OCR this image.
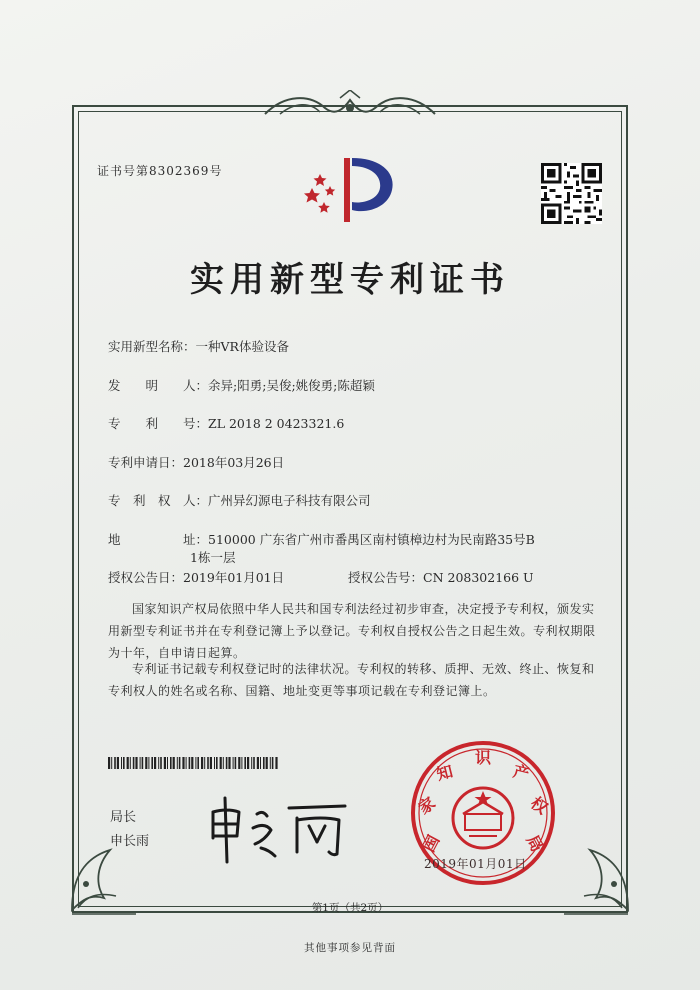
证书号第8302369号
实用新型专利证书
实用新型名称：一种VR体验设备
发　　明　　人：余异;阳勇;吴俊;姚俊勇;陈超颖
专　　利　　号：ZL 2018 2 0423321.6
专利申请日：2018年03月26日
专　利　权　人：广州异幻源电子科技有限公司
地　　　　　址：510000 广东省广州市番禺区南村镇樟边村为民南路35号B
1栋一层
授权公告日：2019年01月01日	授权公告号：CN 208302166 U
国家知识产权局依照中华人民共和国专利法经过初步审查，决定授予专利权，颁发实用新型专利证书并在专利登记簿上予以登记。专利权自授权公告之日起生效。专利权期限为十年，自申请日起算。
专利证书记载专利权登记时的法律状况。专利权的转移、质押、无效、终止、恢复和专利权人的姓名或名称、国籍、地址变更等事项记载在专利登记簿上。
局长
申长雨	国
家
知
识
产
权
局
2019年01月01日
第1页（共2页）
其他事项参见背面
